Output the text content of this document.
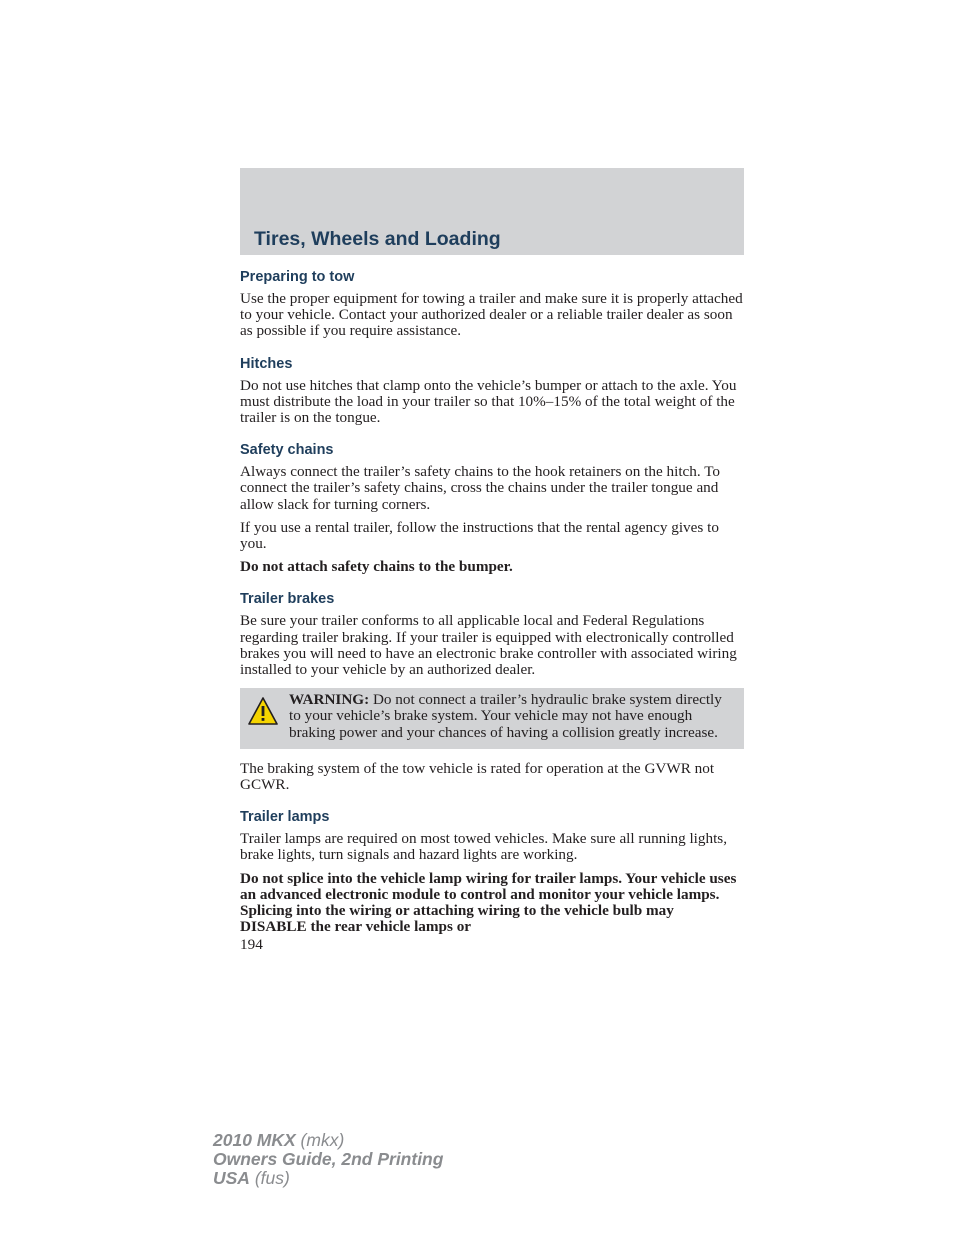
Tires, Wheels and Loading
Preparing to tow

Use the proper equipment for towing a trailer and make sure it is properly attached to your vehicle. Contact your authorized dealer or a reliable trailer dealer as soon as possible if you require assistance.

Hitches

Do not use hitches that clamp onto the vehicle’s bumper or attach to the axle. You must distribute the load in your trailer so that 10%–15% of the total weight of the trailer is on the tongue.

Safety chains

Always connect the trailer’s safety chains to the hook retainers on the hitch. To connect the trailer’s safety chains, cross the chains under the trailer tongue and allow slack for turning corners.

If you use a rental trailer, follow the instructions that the rental agency gives to you.

Do not attach safety chains to the bumper.

Trailer brakes

Be sure your trailer conforms to all applicable local and Federal Regulations regarding trailer braking. If your trailer is equipped with electronically controlled brakes you will need to have an electronic brake controller with associated wiring installed to your vehicle by an authorized dealer.

WARNING: Do not connect a trailer’s hydraulic brake system directly to your vehicle’s brake system. Your vehicle may not have enough braking power and your chances of having a collision greatly increase.

The braking system of the tow vehicle is rated for operation at the GVWR not GCWR.

Trailer lamps

Trailer lamps are required on most towed vehicles. Make sure all running lights, brake lights, turn signals and hazard lights are working.

Do not splice into the vehicle lamp wiring for trailer lamps. Your vehicle uses an advanced electronic module to control and monitor your vehicle lamps. Splicing into the wiring or attaching wiring to the vehicle bulb may DISABLE the rear vehicle lamps or

194
2010 MKX (mkx)
Owners Guide, 2nd Printing
USA (fus)
